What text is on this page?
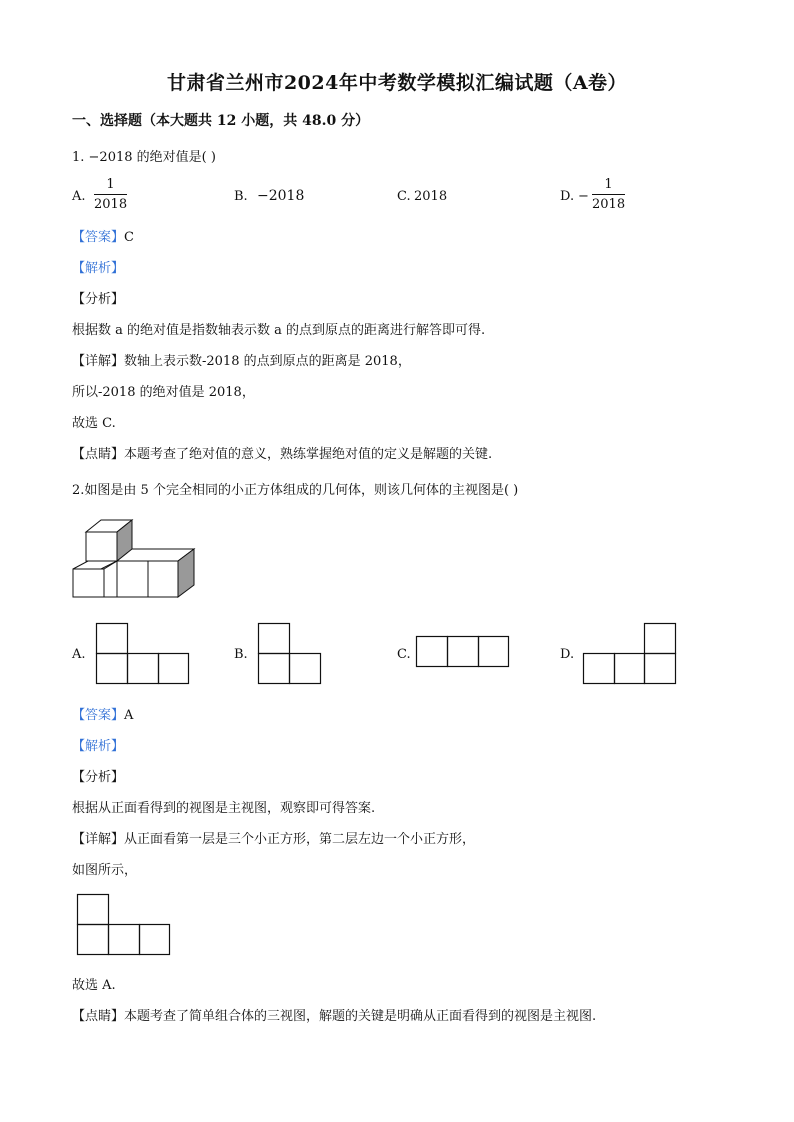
甘肃省兰州市2024年中考数学模拟汇编试题（A卷）
一、选择题（本大题共 12 小题，共 48.0 分）
1. −2018 的绝对值是( )
A. $\frac{1}{2018}$	B. −2018	C. 2018	D. − $\frac{1}{2018}$
【答案】C
【解析】
【分析】
根据数 a 的绝对值是指数轴表示数 a 的点到原点的距离进行解答即可得.
【详解】数轴上表示数-2018 的点到原点的距离是 2018，
所以-2018 的绝对值是 2018，
故选 C.
【点睛】本题考查了绝对值的意义，熟练掌握绝对值的定义是解题的关键.
2.如图是由 5 个完全相同的小正方体组成的几何体，则该几何体的主视图是( )
A.	B.	C.	D.
【答案】A
【解析】
【分析】
根据从正面看得到的视图是主视图，观察即可得答案.
【详解】从正面看第一层是三个小正方形，第二层左边一个小正方形，
如图所示，
故选 A.
【点睛】本题考查了简单组合体的三视图，解题的关键是明确从正面看得到的视图是主视图.
